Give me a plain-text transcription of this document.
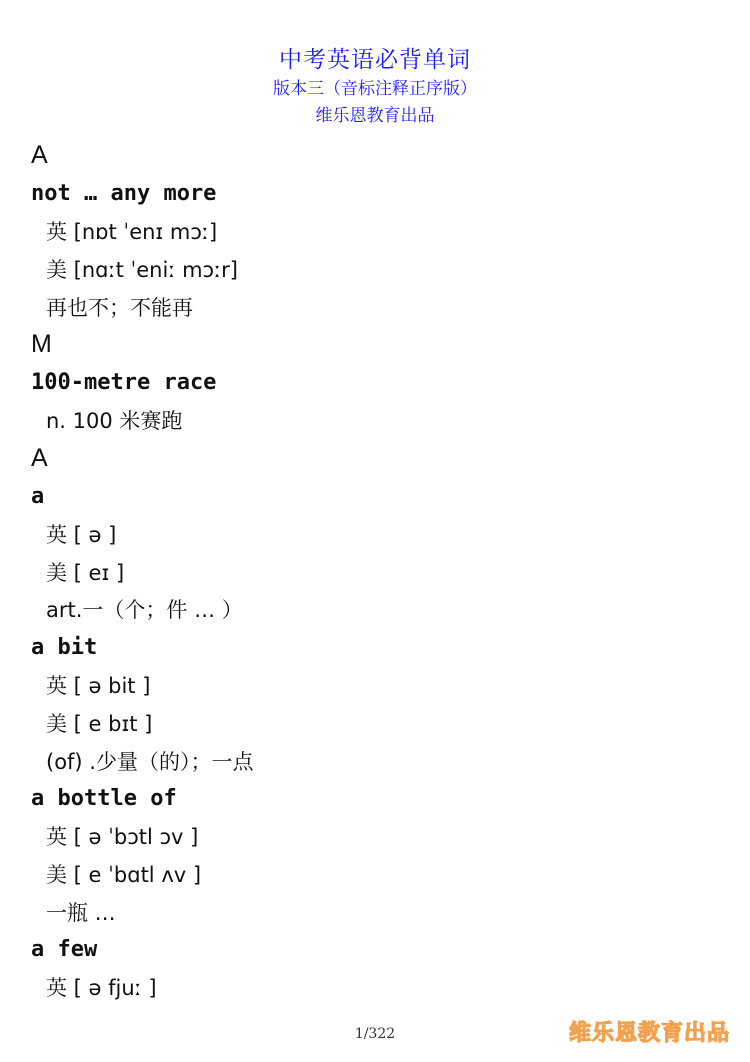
中考英语必背单词
版本三（音标注释正序版）
维乐恩教育出品
A
not … any more
英 [nɒt ˈenɪ mɔː]
美 [nɑːt ˈeniː mɔːr]
再也不；不能再
M
100-metre race
n. 100 米赛跑
A
a
英 [ ə ]
美 [ eɪ ]
art.一（个；件 … ）
a bit
英 [ ə bit ]
美 [ e bɪt ]
(of) .少量（的）；一点
a bottle of
英 [ ə ˈbɔtl ɔv ]
美 [ e ˈbɑtl ʌv ]
一瓶 …
a few
英 [ ə fjuː ]
1/322	维乐恩教育出品
